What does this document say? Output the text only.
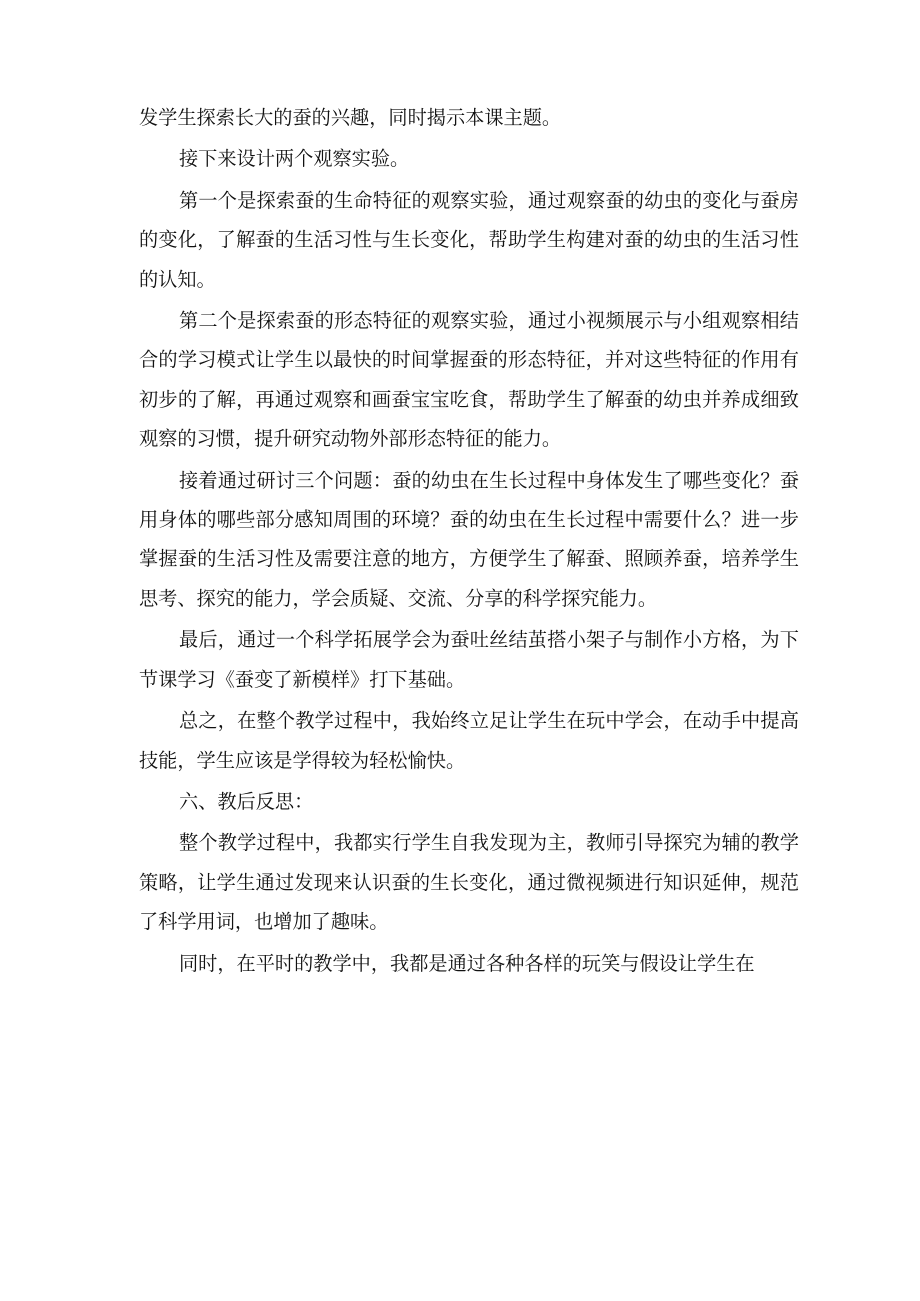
发学生探索长大的蚕的兴趣，同时揭示本课主题。

接下来设计两个观察实验。

第一个是探索蚕的生命特征的观察实验，通过观察蚕的幼虫的变化与蚕房的变化，了解蚕的生活习性与生长变化，帮助学生构建对蚕的幼虫的生活习性的认知。

第二个是探索蚕的形态特征的观察实验，通过小视频展示与小组观察相结合的学习模式让学生以最快的时间掌握蚕的形态特征，并对这些特征的作用有初步的了解，再通过观察和画蚕宝宝吃食，帮助学生了解蚕的幼虫并养成细致观察的习惯，提升研究动物外部形态特征的能力。

接着通过研讨三个问题：蚕的幼虫在生长过程中身体发生了哪些变化？蚕用身体的哪些部分感知周围的环境？蚕的幼虫在生长过程中需要什么？进一步掌握蚕的生活习性及需要注意的地方，方便学生了解蚕、照顾养蚕，培养学生思考、探究的能力，学会质疑、交流、分享的科学探究能力。

最后，通过一个科学拓展学会为蚕吐丝结茧搭小架子与制作小方格，为下节课学习《蚕变了新模样》打下基础。

总之，在整个教学过程中，我始终立足让学生在玩中学会，在动手中提高技能，学生应该是学得较为轻松愉快。

六、教后反思：

整个教学过程中，我都实行学生自我发现为主，教师引导探究为辅的教学策略，让学生通过发现来认识蚕的生长变化，通过微视频进行知识延伸，规范了科学用词，也增加了趣味。

同时，在平时的教学中，我都是通过各种各样的玩笑与假设让学生在
